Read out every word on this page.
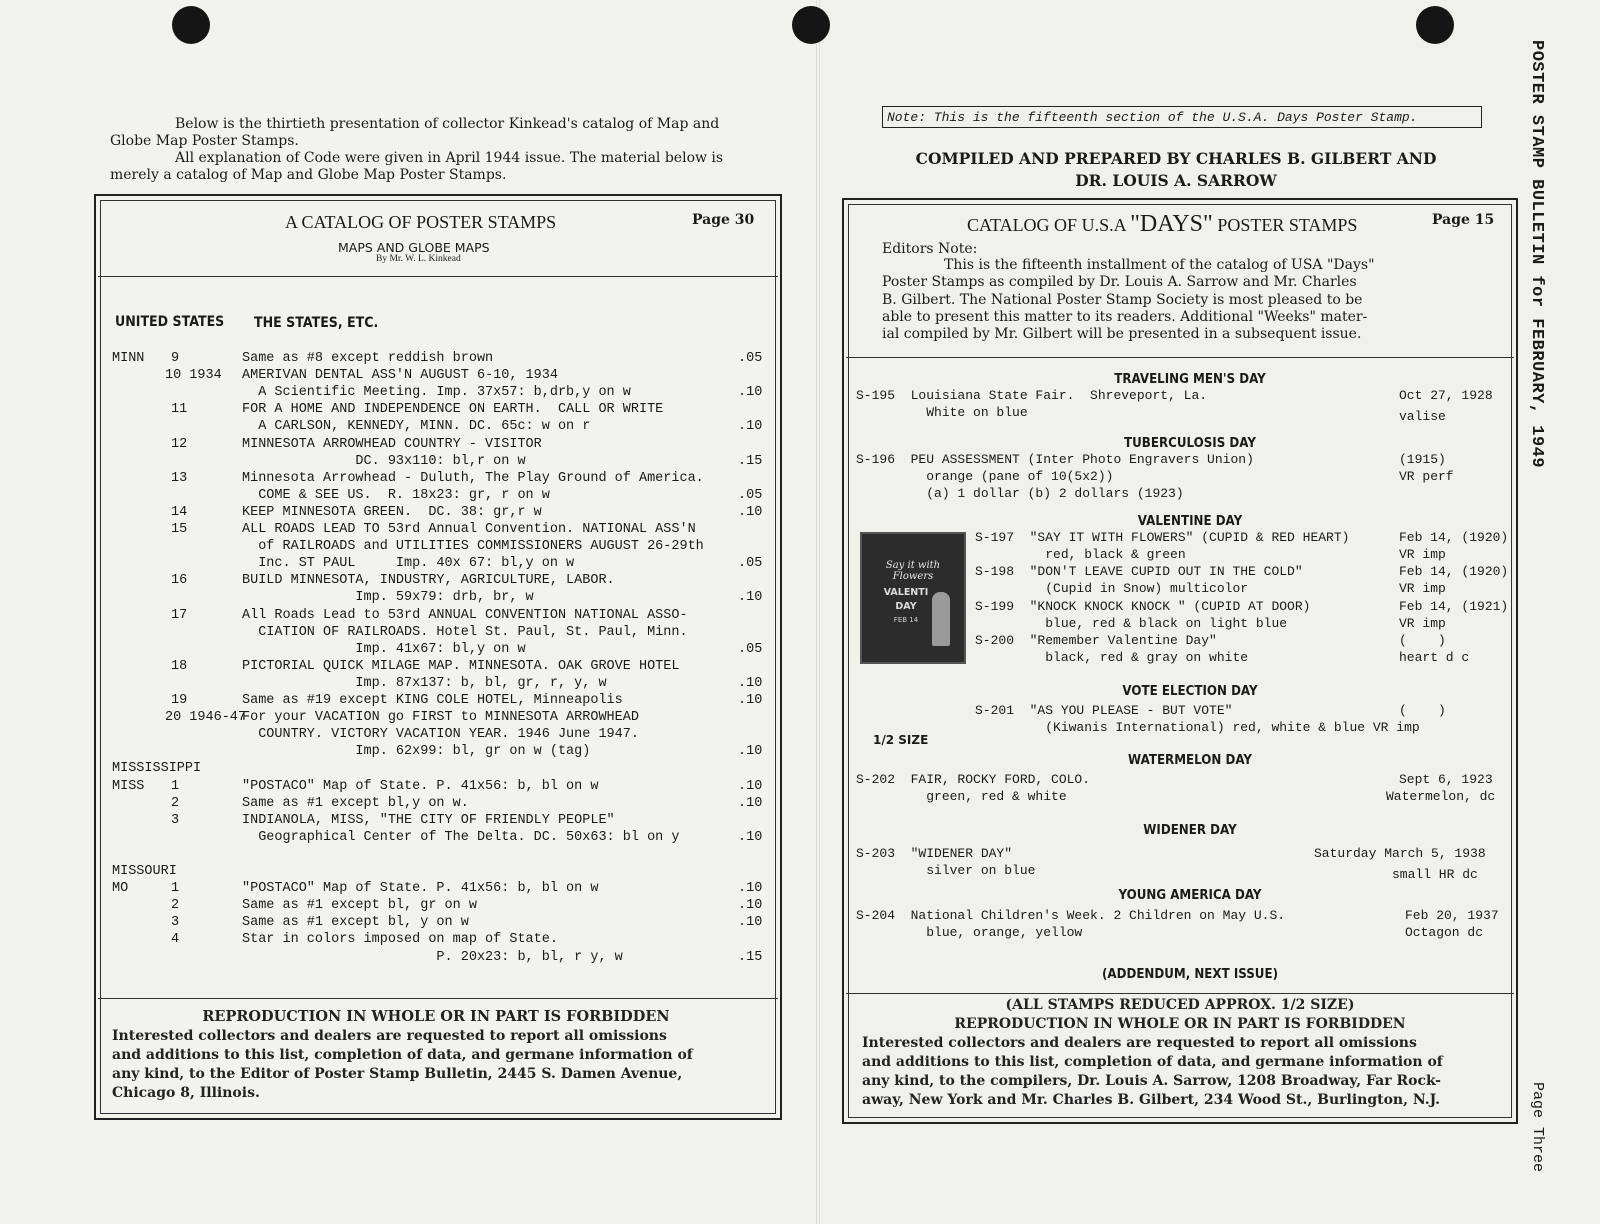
Below is the thirtieth presentation of collector Kinkead's catalog of Map and Globe Map Poster Stamps.

All explanation of Code were given in April 1944 issue. The material below is merely a catalog of Map and Globe Map Poster Stamps.

A CATALOG OF POSTER STAMPS	Page 30
MAPS AND GLOBE MAPS
By Mr. W. L. Kinkead
UNITED STATES THE STATES, ETC.
MINN 9	Same as #8 except reddish brown	.05
10 1934 AMERIVAN DENTAL ASS'N AUGUST 6-10, 1934
A Scientific Meeting. Imp. 37x57: b,drb,y on w	.10
11	FOR A HOME AND INDEPENDENCE ON EARTH.  CALL OR WRITE
A CARLSON, KENNEDY, MINN. DC. 65c: w on r	.10
12	MINNESOTA ARROWHEAD COUNTRY - VISITOR
DC. 93x110: bl,r on w	.15
13	Minnesota Arrowhead - Duluth, The Play Ground of America.
COME & SEE US.  R. 18x23: gr, r on w	.05
14	KEEP MINNESOTA GREEN.  DC. 38: gr,r w	.10
15	ALL ROADS LEAD TO 53rd Annual Convention. NATIONAL ASS'N
of RAILROADS and UTILITIES COMMISSIONERS AUGUST 26-29th
Inc. ST PAUL     Imp. 40x 67: bl,y on w	.05
16	BUILD MINNESOTA, INDUSTRY, AGRICULTURE, LABOR.
Imp. 59x79: drb, br, w	.10
17	All Roads Lead to 53rd ANNUAL CONVENTION NATIONAL ASSO-
CIATION OF RAILROADS. Hotel St. Paul, St. Paul, Minn.
Imp. 41x67: bl,y on w	.05
18	PICTORIAL QUICK MILAGE MAP. MINNESOTA. OAK GROVE HOTEL
Imp. 87x137: b, bl, gr, r, y, w	.10
19	Same as #19 except KING COLE HOTEL, Minneapolis	.10
20 1946-47
For your VACATION go FIRST to MINNESOTA ARROWHEAD
COUNTRY. VICTORY VACATION YEAR. 1946 June 1947.
Imp. 62x99: bl, gr on w (tag)	.10
MISSISSIPPI
MISS 1	"POSTACO" Map of State. P. 41x56: b, bl on w	.10
2	Same as #1 except bl,y on w.	.10
3	INDIANOLA, MISS, "THE CITY OF FRIENDLY PEOPLE"
Geographical Center of The Delta. DC. 50x63: bl on y	.10
MISSOURI
MO	1	"POSTACO" Map of State. P. 41x56: b, bl on w	.10
2	Same as #1 except bl, gr on w	.10
3	Same as #1 except bl, y on w	.10
4	Star in colors imposed on map of State.
P. 20x23: b, bl, r y, w	.15
REPRODUCTION IN WHOLE OR IN PART IS FORBIDDEN
Interested collectors and dealers are requested to report all omissions
and additions to this list, completion of data, and germane information of
any kind, to the Editor of Poster Stamp Bulletin, 2445 S. Damen Avenue,
Chicago 8, Illinois.
Note: This is the fifteenth section of the U.S.A. Days Poster Stamp.
COMPILED AND PREPARED BY CHARLES B. GILBERT AND
DR. LOUIS A. SARROW
CATALOG OF U.S.A "DAYS" POSTER STAMPS	Page 15
Editors Note:
This is the fifteenth installment of the catalog of USA "Days"
Poster Stamps as compiled by Dr. Louis A. Sarrow and Mr. Charles
B. Gilbert. The National Poster Stamp Society is most pleased to be
able to present this matter to its readers. Additional "Weeks" mater-
ial compiled by Mr. Gilbert will be presented in a subsequent issue.
TRAVELING MEN'S DAY
TUBERCULOSIS DAY
VALENTINE DAY
VOTE ELECTION DAY
WATERMELON DAY
WIDENER DAY
YOUNG AMERICA DAY
S-195  Louisiana State Fair.  Shreveport, La.	Oct 27, 1928
White on blue	valise
S-196  PEU ASSESSMENT (Inter Photo Engravers Union)	(1915)
orange (pane of 10(5x2))	VR perf
(a) 1 dollar (b) 2 dollars (1923)
S-197  "SAY IT WITH FLOWERS" (CUPID & RED HEART)	Feb 14, (1920)
red, black & green	VR imp
S-198  "DON'T LEAVE CUPID OUT IN THE COLD"	Feb 14, (1920)
(Cupid in Snow) multicolor	VR imp
S-199  "KNOCK KNOCK KNOCK " (CUPID AT DOOR)	Feb 14, (1921)
blue, red & black on light blue	VR imp
S-200  "Remember Valentine Day"	(    )
black, red & gray on white	heart d c
S-201  "AS YOU PLEASE - BUT VOTE"	(    )
(Kiwanis International) red, white & blue VR imp
S-202  FAIR, ROCKY FORD, COLO.	Sept 6, 1923
green, red & white	Watermelon, dc
S-203  "WIDENER DAY"	Saturday March 5, 1938
silver on blue	small HR dc
S-204  National Children's Week. 2 Children on May U.S.	Feb 20, 1937
blue, orange, yellow	Octagon dc
Say it with Flowers
VALENTI
DAY
FEB 14
1/2 SIZE
(ADDENDUM, NEXT ISSUE)
(ALL STAMPS REDUCED APPROX. 1/2 SIZE)
REPRODUCTION IN WHOLE OR IN PART IS FORBIDDEN
Interested collectors and dealers are requested to report all omissions
and additions to this list, completion of data, and germane information of
any kind, to the compilers, Dr. Louis A. Sarrow, 1208 Broadway, Far Rock-
away, New York and Mr. Charles B. Gilbert, 234 Wood St., Burlington, N.J.
POSTER STAMP BULLETIN for FEBRUARY, 1949
Page Three
